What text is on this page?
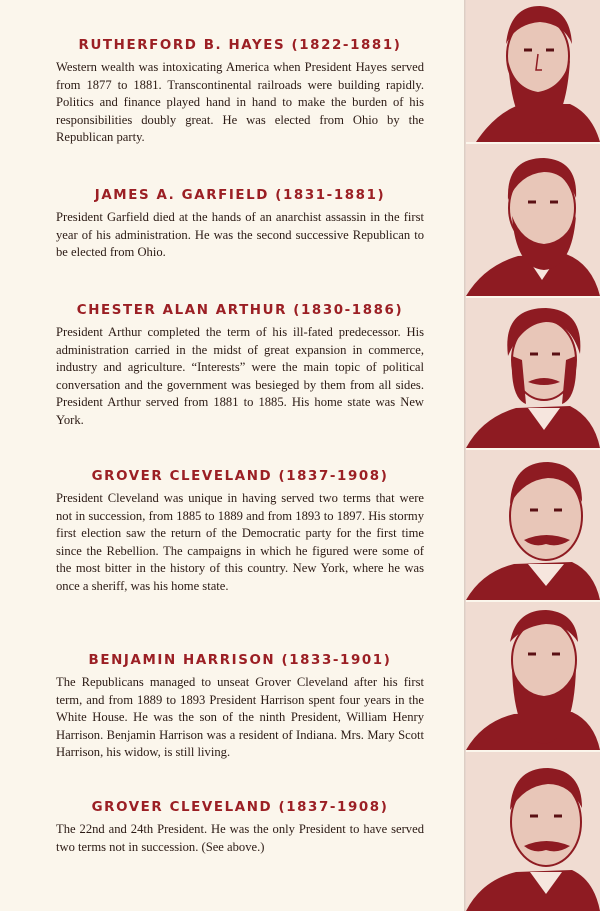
RUTHERFORD B. HAYES (1822-1881)

Western wealth was intoxicating America when President Hayes served from 1877 to 1881. Transcontinental railroads were building rapidly. Politics and finance played hand in hand to make the burden of his responsibilities doubly great. He was elected from Ohio by the Republican party.

JAMES A. GARFIELD (1831-1881)

President Garfield died at the hands of an anarchist assassin in the first year of his administration. He was the second successive Republican to be elected from Ohio.

CHESTER ALAN ARTHUR (1830-1886)

President Arthur completed the term of his ill-fated predecessor. His administration carried in the midst of great expansion in commerce, industry and agriculture. “Interests” were the main topic of political conversation and the government was besieged by them from all sides. President Arthur served from 1881 to 1885. His home state was New York.

GROVER CLEVELAND (1837-1908)

President Cleveland was unique in having served two terms that were not in succession, from 1885 to 1889 and from 1893 to 1897. His stormy first election saw the return of the Democratic party for the first time since the Rebellion. The campaigns in which he figured were some of the most bitter in the history of this country. New York, where he was once a sheriff, was his home state.

BENJAMIN HARRISON (1833-1901)

The Republicans managed to unseat Grover Cleveland after his first term, and from 1889 to 1893 President Harrison spent four years in the White House. He was the son of the ninth President, William Henry Harrison. Benjamin Harrison was a resident of Indiana. Mrs. Mary Scott Harrison, his widow, is still living.

GROVER CLEVELAND (1837-1908)

The 22nd and 24th President. He was the only President to have served two terms not in succession. (See above.)
